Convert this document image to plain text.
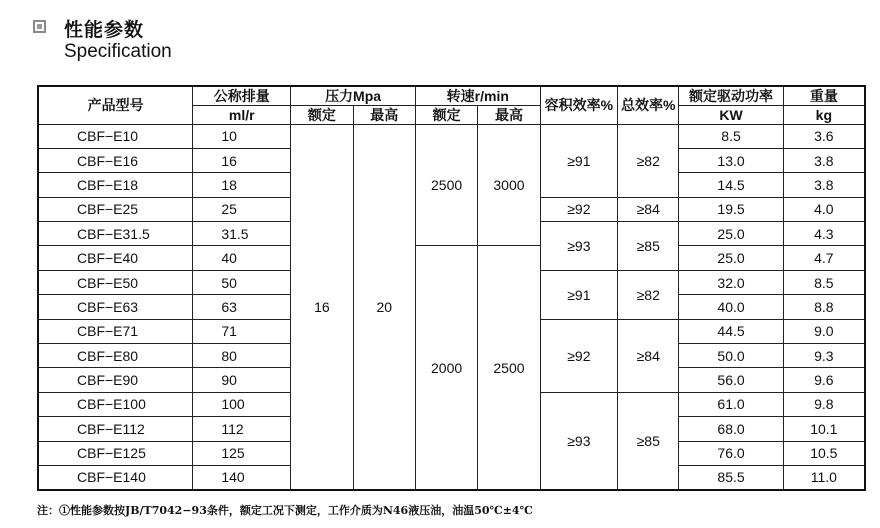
性能参数
Specification
产品型号	公称排量	压力Mpa		转速r/min		容积效率%	总效率%	额定驱动功率	重量
	ml/r	额定	最高	额定	最高			KW	kg
CBF−E10	10	16	20	2500	3000	≥91	≥82	8.5	3.6
CBF−E16	16							13.0	3.8
CBF−E18	18							14.5	3.8
CBF−E25	25					≥92	≥84	19.5	4.0
CBF−E31.5	31.5					≥93	≥85	25.0	4.3
CBF−E40	40			2000	2500			25.0	4.7
CBF−E50	50					≥91	≥82	32.0	8.5
CBF−E63	63							40.0	8.8
CBF−E71	71					≥92	≥84	44.5	9.0
CBF−E80	80							50.0	9.3
CBF−E90	90							56.0	9.6
CBF−E100	100					≥93	≥85	61.0	9.8
CBF−E112	112							68.0	10.1
CBF−E125	125							76.0	10.5
CBF−E140	140							85.5	11.0
注：①性能参数按JB/T7042−93条件，额定工况下测定，工作介质为N46液压油，油温50℃±4℃
